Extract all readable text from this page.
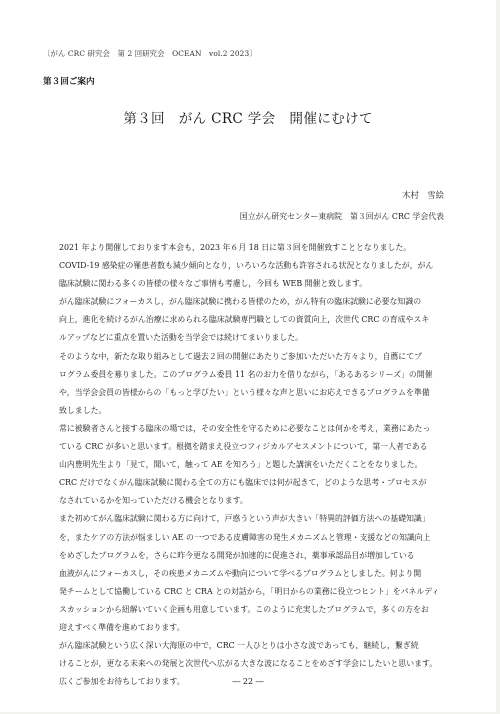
〔がん CRC 研究会　第 2 回研究会　OCEAN　vol.2 2023〕
第３回ご案内
第３回　がん CRC 学会　開催にむけて
木村　雪絵
国立がん研究センター東病院　第３回がん CRC 学会代表

2021 年より開催しております本会も，2023 年６月 18 日に第３回を開催致すこととなりました。
COVID-19 感染症の罹患者数も減少傾向となり，いろいろな活動も許容される状況となりましたが，がん
臨床試験に関わる多くの皆様の様々なご事情も考慮し，今回も WEB 開催と致します。

がん臨床試験にフォーカスし，がん臨床試験に携わる皆様のため，がん特有の臨床試験に必要な知識の
向上，進化を続けるがん治療に求められる臨床試験専門職としての資質向上，次世代 CRC の育成やスキ
ルアップなどに重点を置いた活動を当学会では続けてまいりました。

そのような中，新たな取り組みとして過去２回の開催にあたりご参加いただいた方々より，自薦にてプ
ログラム委員を募りました。このプログラム委員 11 名のお力を借りながら，「あるあるシリーズ」の開催
や，当学会会員の皆様からの「もっと学びたい」という様々な声と思いにお応えできるプログラムを準備
致しました。

常に被験者さんと接する臨床の場では，その安全性を守るために必要なことは何かを考え，業務にあたっ
ている CRC が多いと思います。根拠を踏まえ役立つフィジカルアセスメントについて，第一人者である
山内豊明先生より「見て，聞いて，触って AE を知ろう」と題した講演をいただくことをなりました。
CRC だけでなくがん臨床試験に関わる全ての方にも臨床では何が起きて，どのような思考・プロセスが
なされているかを知っていただける機会となります。

また初めてがん臨床試験に関わる方に向けて，戸惑うという声が大きい「特異的評価方法への基礎知識」
を，またケアの方法が悩ましい AE の一つである皮膚障害の発生メカニズムと管理・支援などの知識向上
をめざしたプログラムを，さらに昨今更なる開発が加速的に促進され，薬事承認品目が増加している
血液がんにフォーカスし，その疾患メカニズムや動向について学べるプログラムとしました。何より開
発チームとして協働している CRC と CRA との対話から，「明日からの業務に役立つヒント」をパネルディ
スカッションから紐解いていく企画も用意しています。このように充実したプログラムで，多くの方をお
迎えすべく準備を進めております。

がん臨床試験という広く深い大海原の中で，CRC 一人ひとりは小さな波であっても，継続し，繋ぎ続
けることが，更なる未来への発展と次世代へ広がる大きな波になることをめざす学会にしたいと思います。
広くご参加をお待ちしております。	― 22 ―
